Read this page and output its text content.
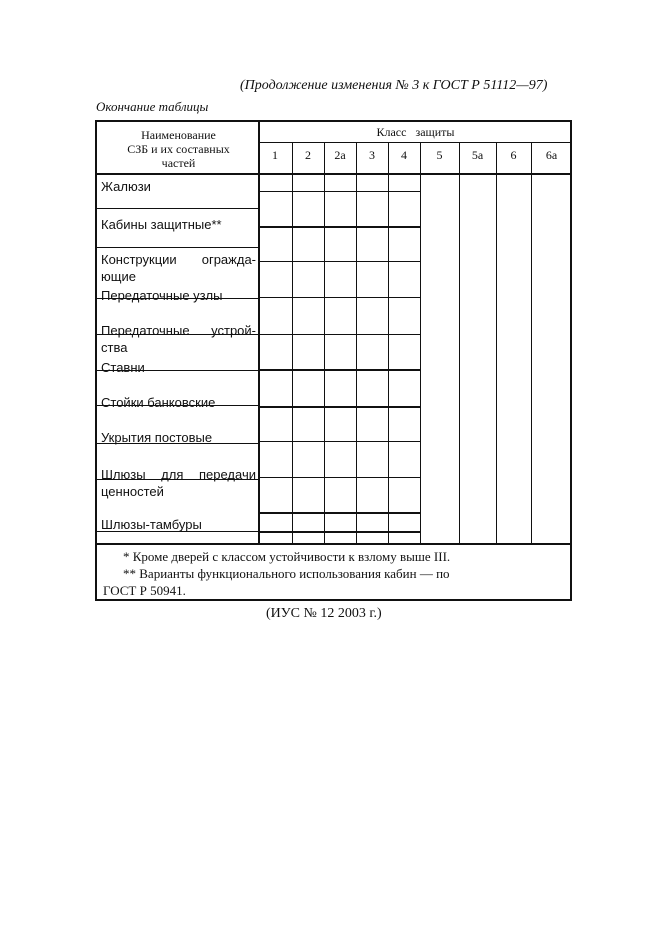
(Продолжение изменения № 3 к ГОСТ Р 51112—97)
Окончание таблицы
Наименование
СЗБ и их составных
частей
Класс   защиты
1	2	2а	3	4	5	5а	6	6а
Жалюзи
Кабины защитные**
Конструкции огражда-
ющие
Передаточные узлы
Передаточные устрой-
ства
Ставни
Стойки банковские
Укрытия постовые
Шлюзы для передачи
ценностей
Шлюзы-тамбуры
* Кроме дверей с классом устойчивости к взлому выше III.
** Варианты функционального использования кабин — по
ГОСТ Р 50941.
(ИУС № 12 2003 г.)
